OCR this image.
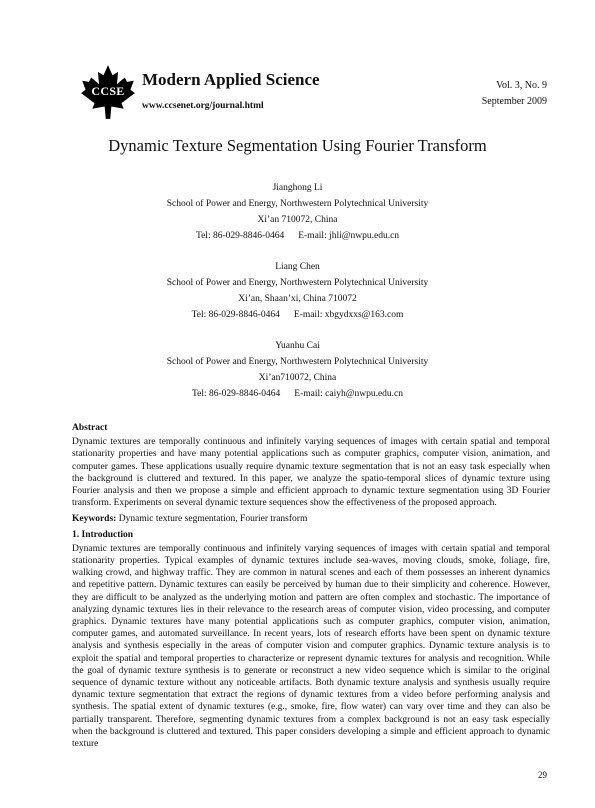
CCSE
Modern Applied Science
www.ccsenet.org/journal.html
Vol. 3, No. 9
September 2009
Dynamic Texture Segmentation Using Fourier Transform
Jianghong Li
School of Power and Energy, Northwestern Polytechnical University
Xi’an 710072, China
Tel: 86-029-8846-0464 E-mail: jhli@nwpu.edu.cn
Liang Chen
School of Power and Energy, Northwestern Polytechnical University
Xi’an, Shaan’xi, China 710072
Tel: 86-029-8846-0464 E-mail: xbgydxxs@163.com
Yuanhu Cai
School of Power and Energy, Northwestern Polytechnical University
Xi’an710072, China
Tel: 86-029-8846-0464 E-mail: caiyh@nwpu.edu.cn
Abstract
Dynamic textures are temporally continuous and infinitely varying sequences of images with certain spatial and temporal stationarity properties and have many potential applications such as computer graphics, computer vision, animation, and computer games. These applications usually require dynamic texture segmentation that is not an easy task especially when the background is cluttered and textured. In this paper, we analyze the spatio-temporal slices of dynamic texture using Fourier analysis and then we propose a simple and efficient approach to dynamic texture segmentation using 3D Fourier transform. Experiments on several dynamic texture sequences show the effectiveness of the proposed approach.
Keywords: Dynamic texture segmentation, Fourier transform
1. Introduction
Dynamic textures are temporally continuous and infinitely varying sequences of images with certain spatial and temporal stationarity properties. Typical examples of dynamic textures include sea-waves, moving clouds, smoke, foliage, fire, walking crowd, and highway traffic. They are common in natural scenes and each of them possesses an inherent dynamics and repetitive pattern. Dynamic textures can easily be perceived by human due to their simplicity and coherence. However, they are difficult to be analyzed as the underlying motion and pattern are often complex and stochastic. The importance of analyzing dynamic textures lies in their relevance to the research areas of computer vision, video processing, and computer graphics. Dynamic textures have many potential applications such as computer graphics, computer vision, animation, computer games, and automated surveillance. In recent years, lots of research efforts have been spent on dynamic texture analysis and synthesis especially in the areas of computer vision and computer graphics. Dynamic texture analysis is to exploit the spatial and temporal properties to characterize or represent dynamic textures for analysis and recognition. While the goal of dynamic texture synthesis is to generate or reconstruct a new video sequence which is similar to the original sequence of dynamic texture without any noticeable artifacts. Both dynamic texture analysis and synthesis usually require dynamic texture segmentation that extract the regions of dynamic textures from a video before performing analysis and synthesis. The spatial extent of dynamic textures (e.g., smoke, fire, flow water) can vary over time and they can also be partially transparent. Therefore, segmenting dynamic textures from a complex background is not an easy task especially when the background is cluttered and textured. This paper considers developing a simple and efficient approach to dynamic texture
29
